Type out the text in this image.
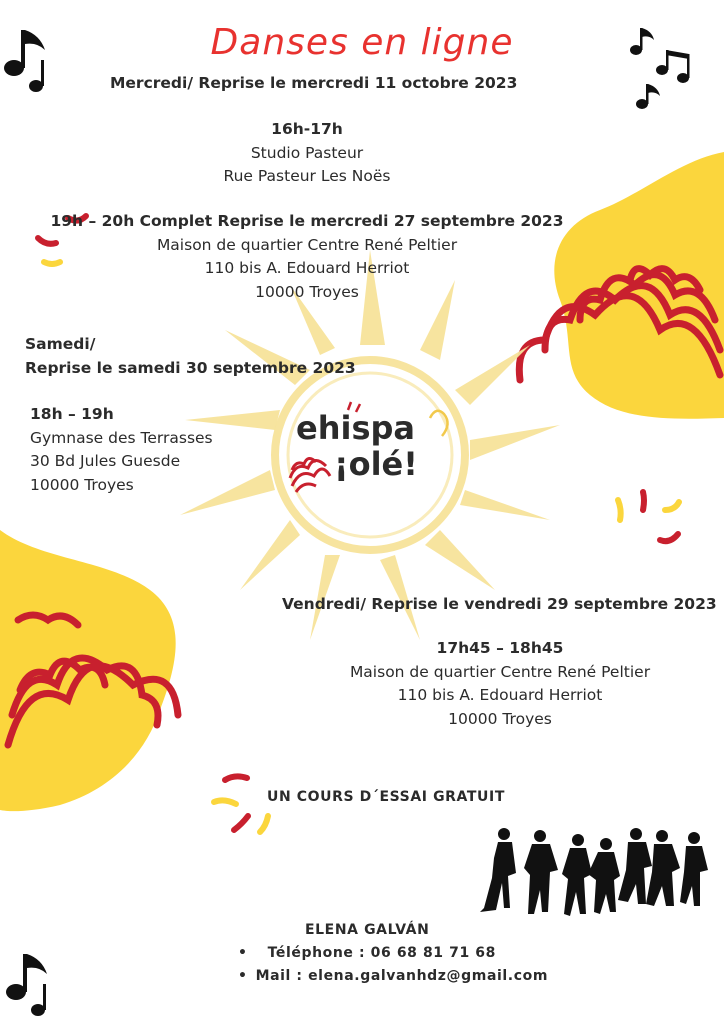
Danses en ligne
Mercredi/ Reprise le mercredi 11 octobre 2023
16h-17h
Studio Pasteur
Rue Pasteur Les Noës
19h – 20h Complet Reprise le mercredi 27 septembre 2023
Maison de quartier Centre René Peltier
110 bis A. Edouard Herriot
10000 Troyes
Samedi/
Reprise le samedi 30 septembre 2023
18h – 19h
Gymnase des Terrasses
30 Bd Jules Guesde
10000 Troyes
ehispa
¡olé!
Vendredi/ Reprise le vendredi 29 septembre 2023
17h45 – 18h45
Maison de quartier Centre René Peltier
110 bis A. Edouard Herriot
10000 Troyes
UN COURS D´ESSAI GRATUIT
ELENA GALVÁN
• Téléphone : 06 68 81 71 68
• Mail : elena.galvanhdz@gmail.com
